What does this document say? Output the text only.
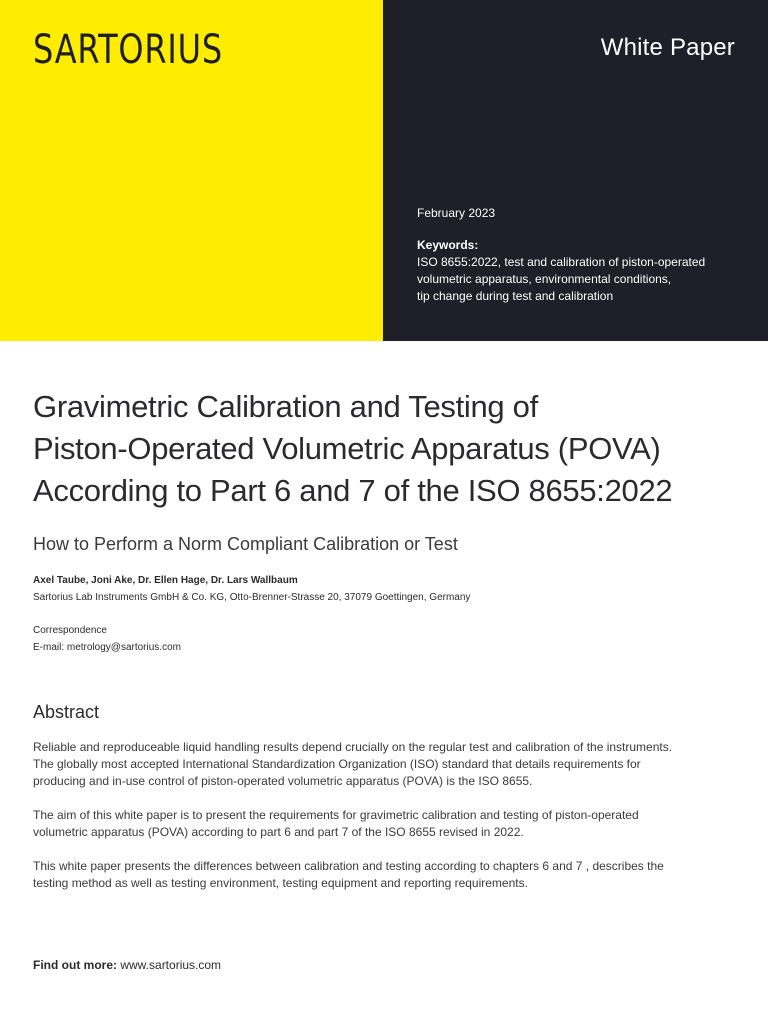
SARTORIUS	White Paper
February 2023
Keywords:
ISO 8655:2022, test and calibration of piston-operated
volumetric apparatus, environmental conditions,
tip change during test and calibration
Gravimetric Calibration and Testing of
Piston-Operated Volumetric Apparatus (POVA)
According to Part 6 and 7 of the ISO 8655:2022
How to Perform a Norm Compliant Calibration or Test
Axel Taube, Joni Ake, Dr. Ellen Hage, Dr. Lars Wallbaum
Sartorius Lab Instruments GmbH & Co. KG, Otto-Brenner-Strasse 20, 37079 Goettingen, Germany
Correspondence
E-mail: metrology@sartorius.com
Abstract

Reliable and reproduceable liquid handling results depend crucially on the regular test and calibration of the instruments.
The globally most accepted International Standardization Organization (ISO) standard that details requirements for
producing and in-use control of piston-operated volumetric apparatus (POVA) is the ISO 8655.

The aim of this white paper is to present the requirements for gravimetric calibration and testing of piston-operated
volumetric apparatus (POVA) according to part 6 and part 7 of the ISO 8655 revised in 2022.

This white paper presents the differences between calibration and testing according to chapters 6 and 7 , describes the
testing method as well as testing environment, testing equipment and reporting requirements.

Find out more: www.sartorius.com
